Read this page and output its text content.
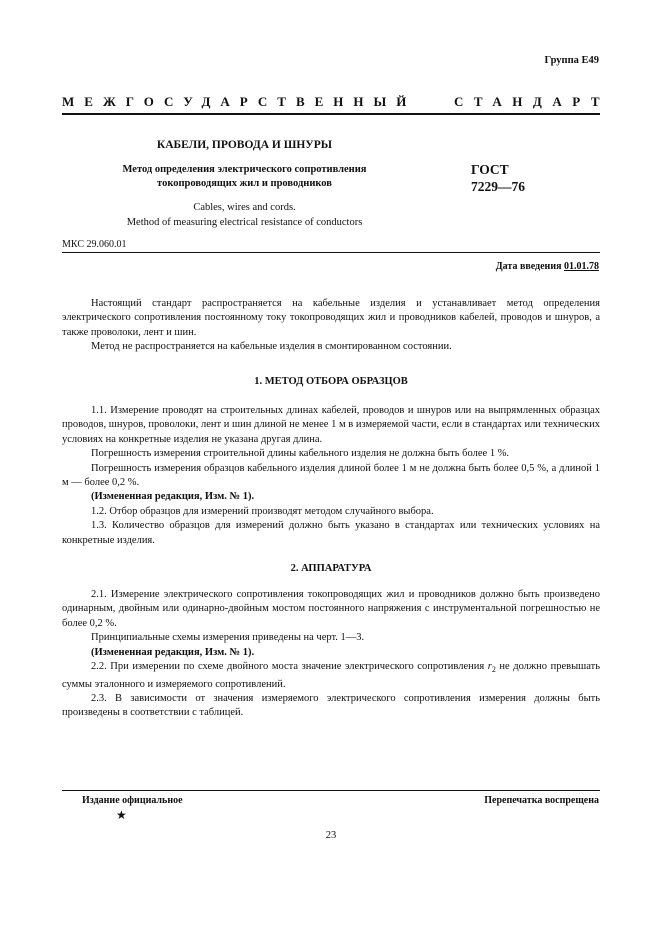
Группа Е49
МЕЖГОСУДАРСТВЕННЫЙ	СТАНДАРТ
КАБЕЛИ, ПРОВОДА И ШНУРЫ
Метод определения электрического сопротивления
токопроводящих жил и проводников
Cables, wires and cords.
Method of measuring electrical resistance of conductors
ГОСТ
7229—76
МКС 29.060.01
Дата введения 01.01.78

Настоящий стандарт распространяется на кабельные изделия и устанавливает метод определения электрического сопротивления постоянному току токопроводящих жил и проводников кабелей, проводов и шнуров, а также проволоки, лент и шин.

Метод не распространяется на кабельные изделия в смонтированном состоянии.

1. МЕТОД ОТБОРА ОБРАЗЦОВ

1.1. Измерение проводят на строительных длинах кабелей, проводов и шнуров или на выпрямленных образцах проводов, шнуров, проволоки, лент и шин длиной не менее 1 м в измеряемой части, если в стандартах или технических условиях на конкретные изделия не указана другая длина.

Погрешность измерения строительной длины кабельного изделия не должна быть более 1 %.

Погрешность измерения образцов кабельного изделия длиной более 1 м не должна быть более 0,5 %, а длиной 1 м — более 0,2 %.

(Измененная редакция, Изм. № 1).

1.2. Отбор образцов для измерений производят методом случайного выбора.

1.3. Количество образцов для измерений должно быть указано в стандартах или технических условиях на конкретные изделия.

2. АППАРАТУРА

2.1. Измерение электрического сопротивления токопроводящих жил и проводников должно быть произведено одинарным, двойным или одинарно-двойным мостом постоянного напряжения с инструментальной погрешностью не более 0,2 %.

Принципиальные схемы измерения приведены на черт. 1—3.

(Измененная редакция, Изм. № 1).

2.2. При измерении по схеме двойного моста значение электрического сопротивления $r_2$ не должно превышать суммы эталонного и измеряемого сопротивлений.

2.3. В зависимости от значения измеряемого электрического сопротивления измерения должны быть произведены в соответствии с таблицей.

Издание официальное	Перепечатка воспрещена
★
23
